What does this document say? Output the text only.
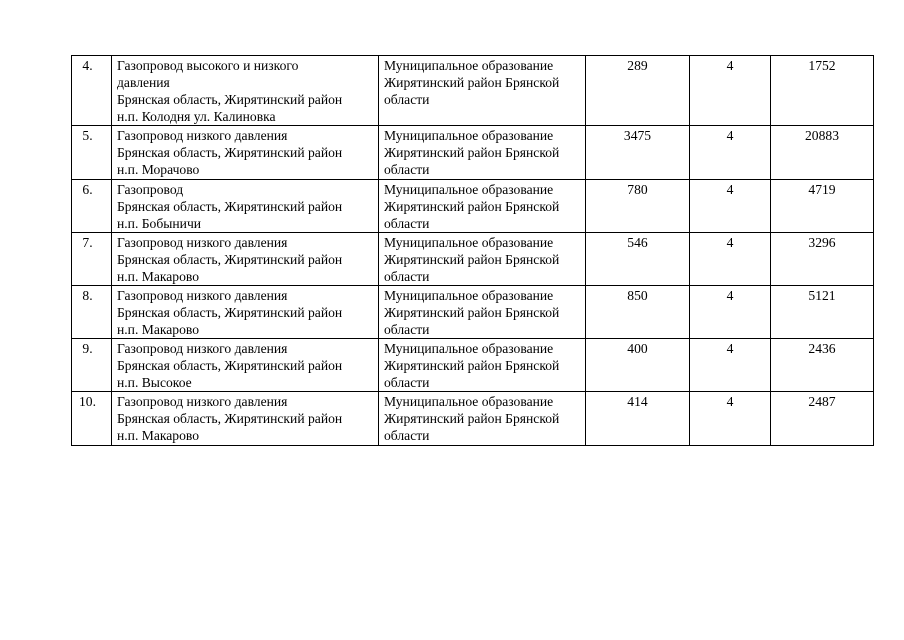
4.	Газопровод высокого и низкого
давления
Брянская область, Жирятинский район
н.п. Колодня ул. Калиновка	Муниципальное образование
Жирятинский район Брянской
области	289	4	1752
5.	Газопровод низкого давления
Брянская область, Жирятинский район
н.п. Морачово	Муниципальное образование
Жирятинский район Брянской
области	3475	4	20883
6.	Газопровод
Брянская область, Жирятинский район
н.п. Бобыничи	Муниципальное образование
Жирятинский район Брянской
области	780	4	4719
7.	Газопровод низкого давления
Брянская область, Жирятинский район
н.п. Макарово	Муниципальное образование
Жирятинский район Брянской
области	546	4	3296
8.	Газопровод низкого давления
Брянская область, Жирятинский район
н.п. Макарово	Муниципальное образование
Жирятинский район Брянской
области	850	4	5121
9.	Газопровод низкого давления
Брянская область, Жирятинский район
н.п. Высокое	Муниципальное образование
Жирятинский район Брянской
области	400	4	2436
10.	Газопровод низкого давления
Брянская область, Жирятинский район
н.п. Макарово	Муниципальное образование
Жирятинский район Брянской
области	414	4	2487
